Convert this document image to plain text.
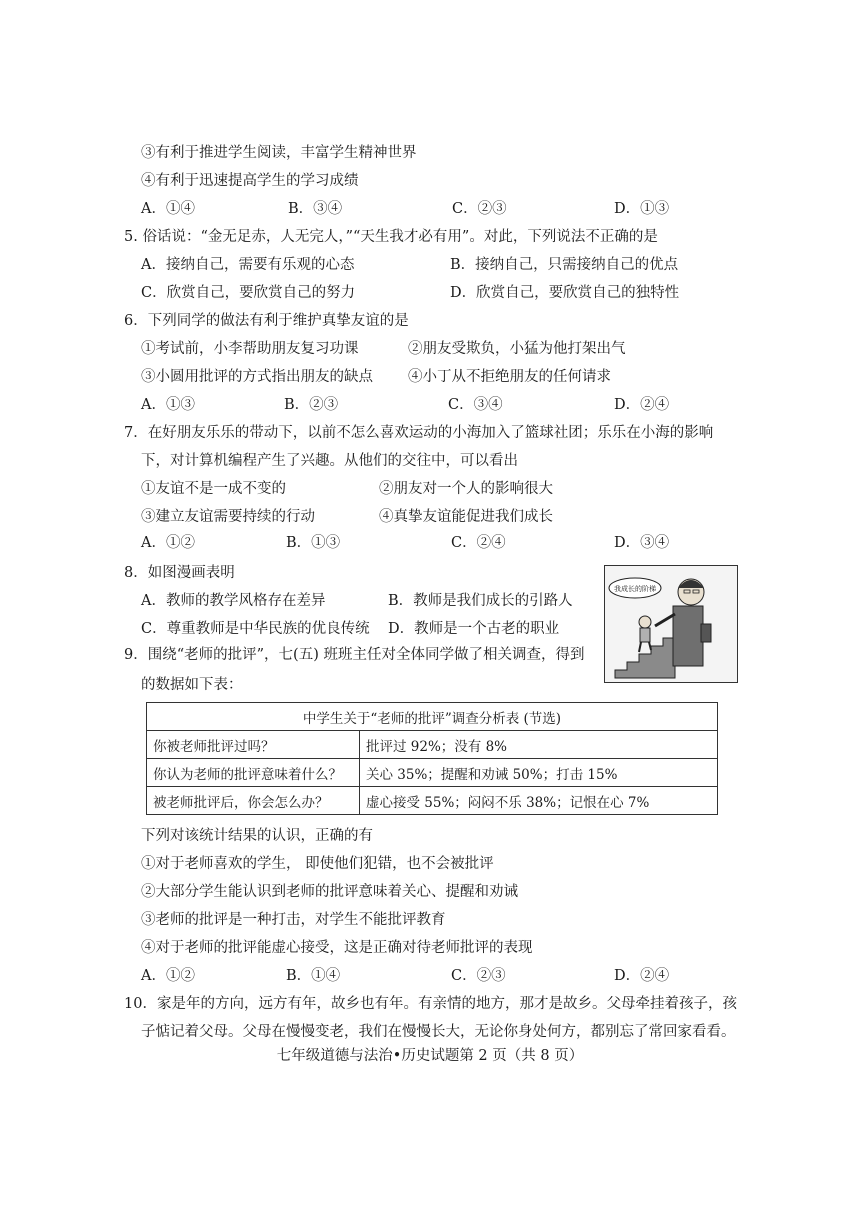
③有利于推进学生阅读，丰富学生精神世界
④有利于迅速提高学生的学习成绩
A．①④	B．③④	C．②③	D．①③
5. 俗话说：“金无足赤，人无完人，”“天生我才必有用”。对此，下列说法不正确的是
A．接纳自己，需要有乐观的心态	B．接纳自己，只需接纳自己的优点
C．欣赏自己，要欣赏自己的努力	D．欣赏自己，要欣赏自己的独特性
6．下列同学的做法有利于维护真挚友谊的是
①考试前，小李帮助朋友复习功课	②朋友受欺负，小猛为他打架出气
③小圆用批评的方式指出朋友的缺点 ④小丁从不拒绝朋友的任何请求
A．①③	B．②③	C．③④	D．②④
7．在好朋友乐乐的带动下，以前不怎么喜欢运动的小海加入了篮球社团；乐乐在小海的影响
下，对计算机编程产生了兴趣。从他们的交往中，可以看出
①友谊不是一成不变的	②朋友对一个人的影响很大
③建立友谊需要持续的行动	④真挚友谊能促进我们成长
A．①②	B．①③	C．②④	D．③④
8．如图漫画表明
A．教师的教学风格存在差异	B．教师是我们成长的引路人
C．尊重教师是中华民族的优良传统 D．教师是一个古老的职业
我成长的阶梯
9．围绕“老师的批评”，七(五) 班班主任对全体同学做了相关调查，得到
的数据如下表：
中学生关于“老师的批评”调查分析表 (节选)	
你被老师批评过吗？	批评过 92%；没有 8%
你认为老师的批评意味着什么？	关心 35%；提醒和劝诫 50%；打击 15%
被老师批评后，你会怎么办？	虚心接受 55%；闷闷不乐 38%；记恨在心 7%
下列对该统计结果的认识，正确的有
①对于老师喜欢的学生， 即使他们犯错，也不会被批评
②大部分学生能认识到老师的批评意味着关心、提醒和劝诫
③老师的批评是一种打击，对学生不能批评教育
④对于老师的批评能虚心接受，这是正确对待老师批评的表现
A．①②	B．①④	C．②③	D．②④
10．家是年的方向，远方有年，故乡也有年。有亲情的地方，那才是故乡。父母牵挂着孩子，孩
子惦记着父母。父母在慢慢变老，我们在慢慢长大，无论你身处何方，都别忘了常回家看看。
七年级道德与法治•历史试题第 2 页（共 8 页）
